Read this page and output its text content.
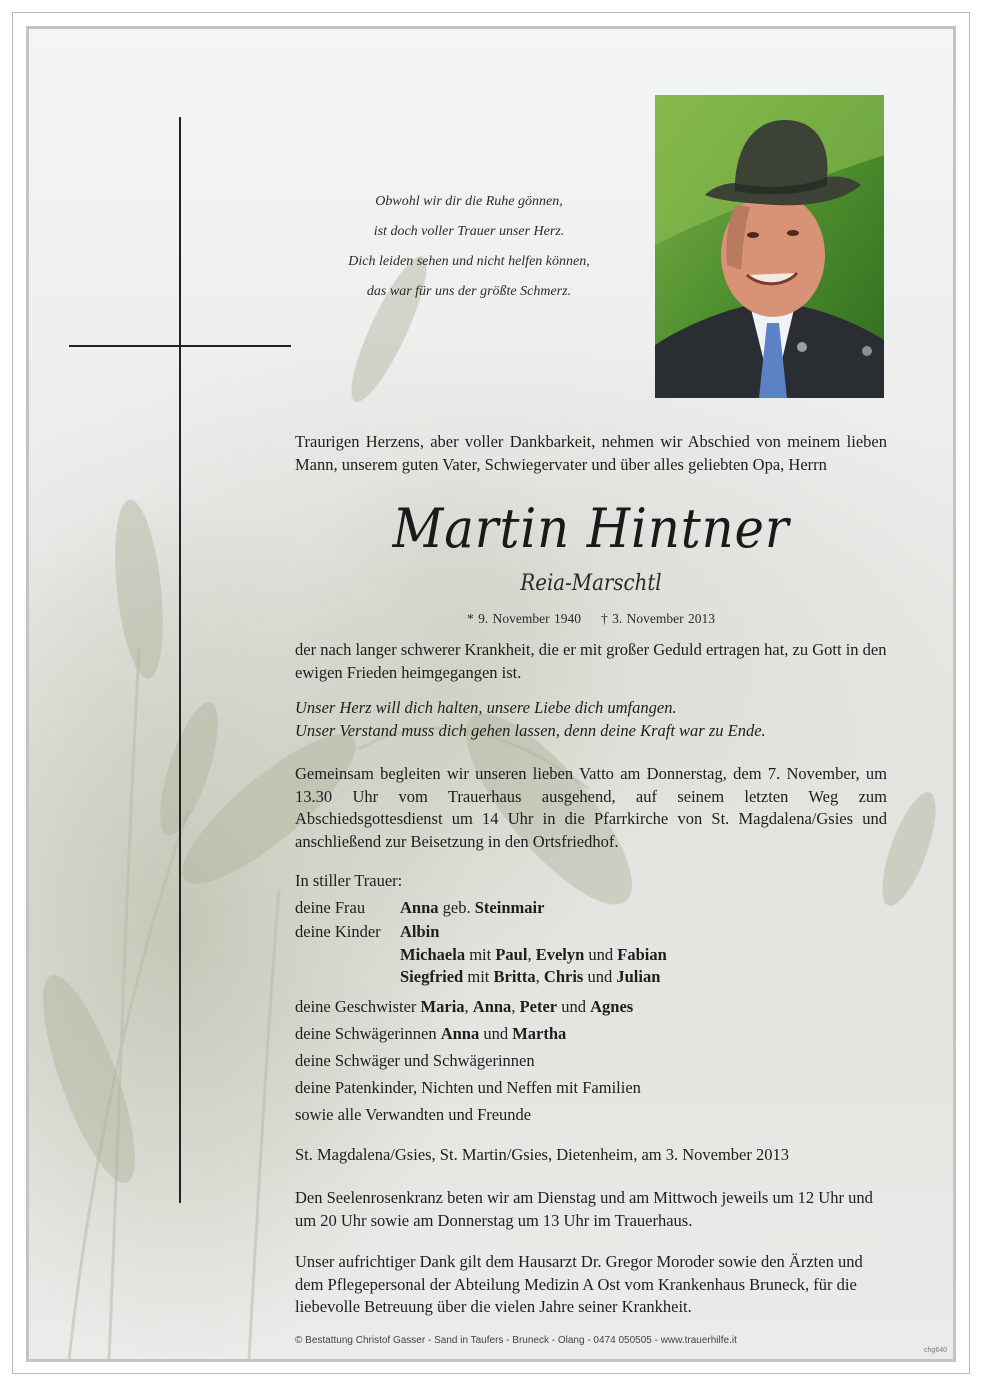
Obwohl wir dir die Ruhe gönnen,
ist doch voller Trauer unser Herz.
Dich leiden sehen und nicht helfen können,
das war für uns der größte Schmerz.
Traurigen Herzens, aber voller Dankbarkeit, nehmen wir Abschied von meinem lieben Mann, unserem guten Vater, Schwiegervater und über alles geliebten Opa, Herrn
Martin Hintner
Reia-Marschtl
* 9. November 1940 † 3. November 2013
der nach langer schwerer Krankheit, die er mit großer Geduld ertragen hat, zu Gott in den ewigen Frieden heimgegangen ist.
Unser Herz will dich halten, unsere Liebe dich umfangen.
Unser Verstand muss dich gehen lassen, denn deine Kraft war zu Ende.
Gemeinsam begleiten wir unseren lieben Vatto am Donnerstag, dem 7. November, um 13.30 Uhr vom Trauerhaus ausgehend, auf seinem letzten Weg zum Abschiedsgottesdienst um 14 Uhr in die Pfarrkirche von St. Magdalena/Gsies und anschließend zur Beisetzung in den Ortsfriedhof.
In stiller Trauer:
deine Frau Anna geb. Steinmair
deine Kinder Albin
Michaela mit Paul, Evelyn und Fabian
Siegfried mit Britta, Chris und Julian
deine Geschwister Maria, Anna, Peter und Agnes
deine Schwägerinnen Anna und Martha
deine Schwäger und Schwägerinnen
deine Patenkinder, Nichten und Neffen mit Familien
sowie alle Verwandten und Freunde
St. Magdalena/Gsies, St. Martin/Gsies, Dietenheim, am 3. November 2013
Den Seelenrosenkranz beten wir am Dienstag und am Mittwoch jeweils um 12 Uhr und um 20 Uhr sowie am Donnerstag um 13 Uhr im Trauerhaus.
Unser aufrichtiger Dank gilt dem Hausarzt Dr. Gregor Moroder sowie den Ärzten und dem Pflegepersonal der Abteilung Medizin A Ost vom Krankenhaus Bruneck, für die liebevolle Betreuung über die vielen Jahre seiner Krankheit.
© Bestattung Christof Gasser - Sand in Taufers - Bruneck - Olang - 0474 050505 - www.trauerhilfe.it
chg640
